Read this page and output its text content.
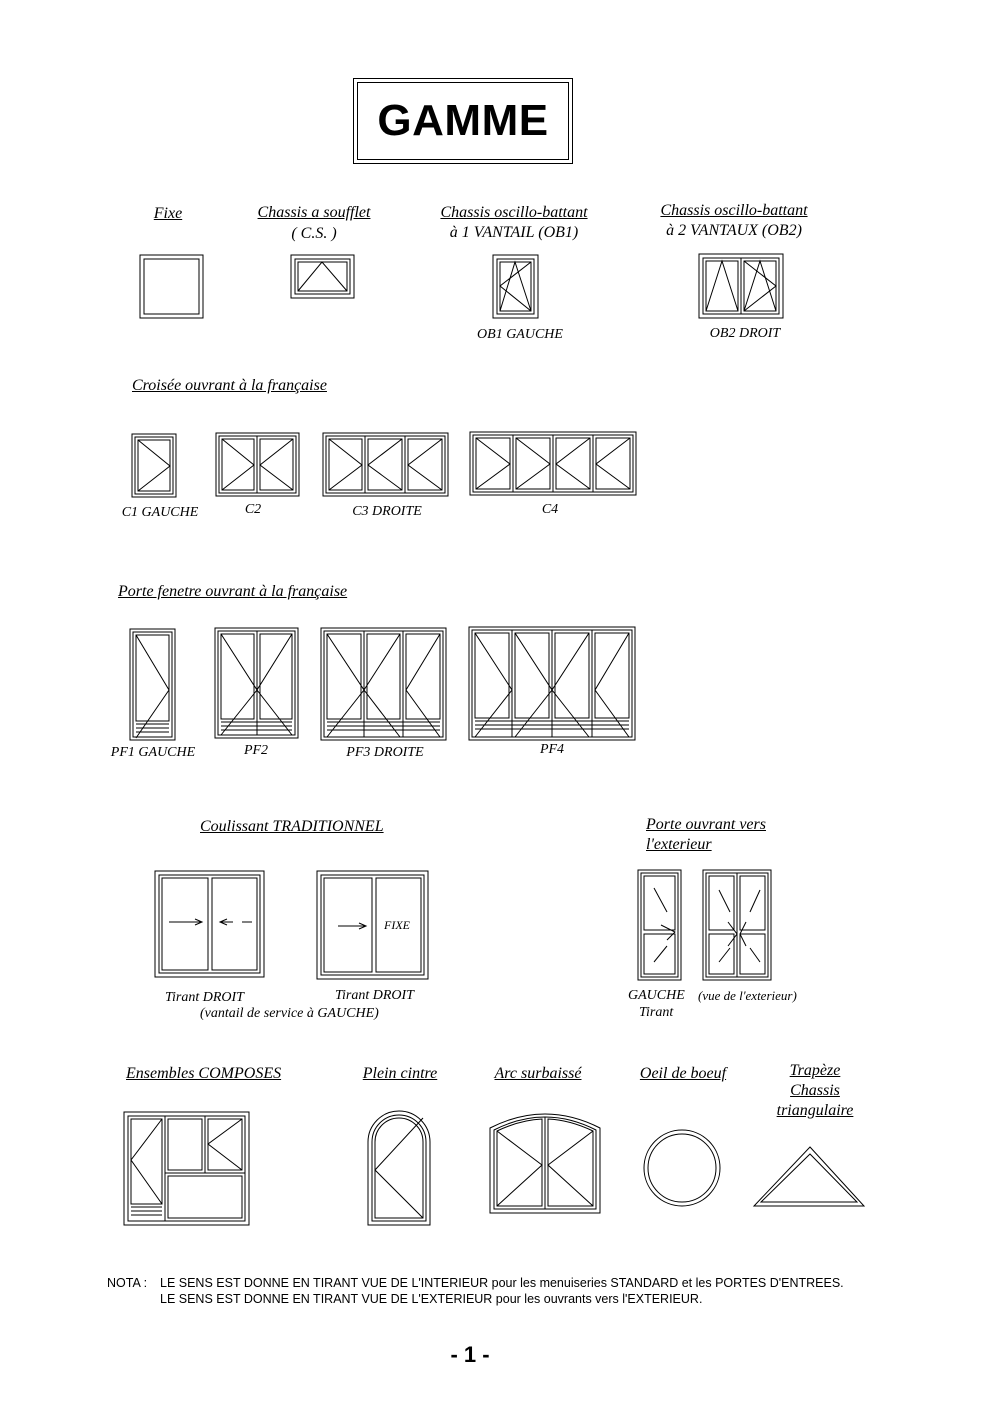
GAMME
Fixe	Chassis a soufflet
( C.S. )
Chassis oscillo-battant
à 1 VANTAIL (OB1)
Chassis oscillo-battant
à 2 VANTAUX (OB2)
OB1 GAUCHE	OB2 DROIT
Croisée ouvrant à la française
C1 GAUCHE	C2	C3 DROITE	C4
Porte fenetre ouvrant à la française
PF1 GAUCHE	PF2	PF3 DROITE	PF4
Coulissant TRADITIONNEL
FIXE
Tirant DROIT	Tirant DROIT
(vantail de service à GAUCHE)
Porte ouvrant vers
l'exterieur
GAUCHE (vue de l'exterieur)
Tirant
Ensembles COMPOSES	Plein cintre	Arc surbaissé	Oeil de boeuf	Trapèze
Chassis
triangulaire
NOTA : LE SENS EST DONNE EN TIRANT VUE DE L'INTERIEUR pour les menuiseries STANDARD et les PORTES D'ENTREES.
LE SENS EST DONNE EN TIRANT VUE DE L'EXTERIEUR pour les ouvrants vers l'EXTERIEUR.
- 1 -
